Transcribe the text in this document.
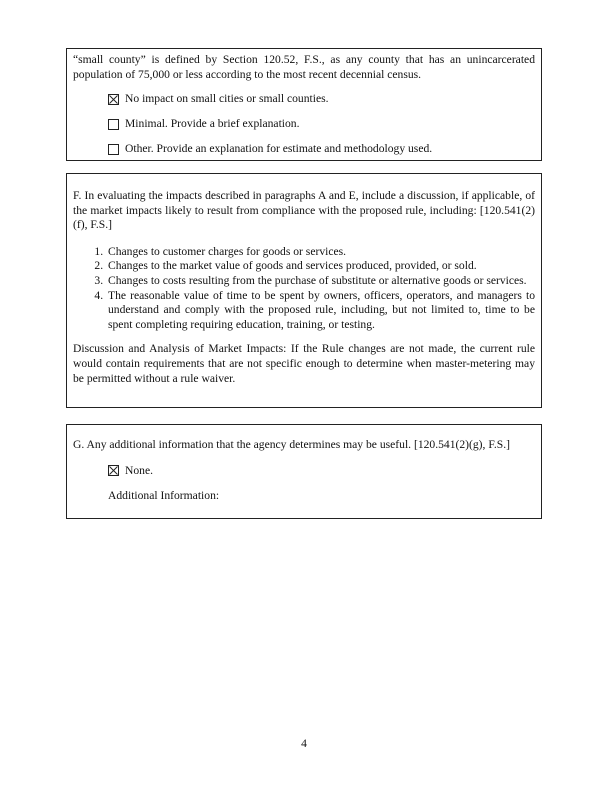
“small county” is defined by Section 120.52, F.S., as any county that has an unincarcerated population of 75,000 or less according to the most recent decennial census.

No impact on small cities or small counties.
Minimal. Provide a brief explanation.
Other. Provide an explanation for estimate and methodology used.

F. In evaluating the impacts described in paragraphs A and E, include a discussion, if applicable, of the market impacts likely to result from compliance with the proposed rule, including: [120.541(2)(f), F.S.]

1. Changes to customer charges for goods or services.
2. Changes to the market value of goods and services produced, provided, or sold.
3. Changes to costs resulting from the purchase of substitute or alternative goods or services.
4. The reasonable value of time to be spent by owners, officers, operators, and managers to understand and comply with the proposed rule, including, but not limited to, time to be spent completing requiring education, training, or testing.

Discussion and Analysis of Market Impacts: If the Rule changes are not made, the current rule would contain requirements that are not specific enough to determine when master-metering may be permitted without a rule waiver.

G. Any additional information that the agency determines may be useful. [120.541(2)(g), F.S.]

None.
Additional Information:
4
